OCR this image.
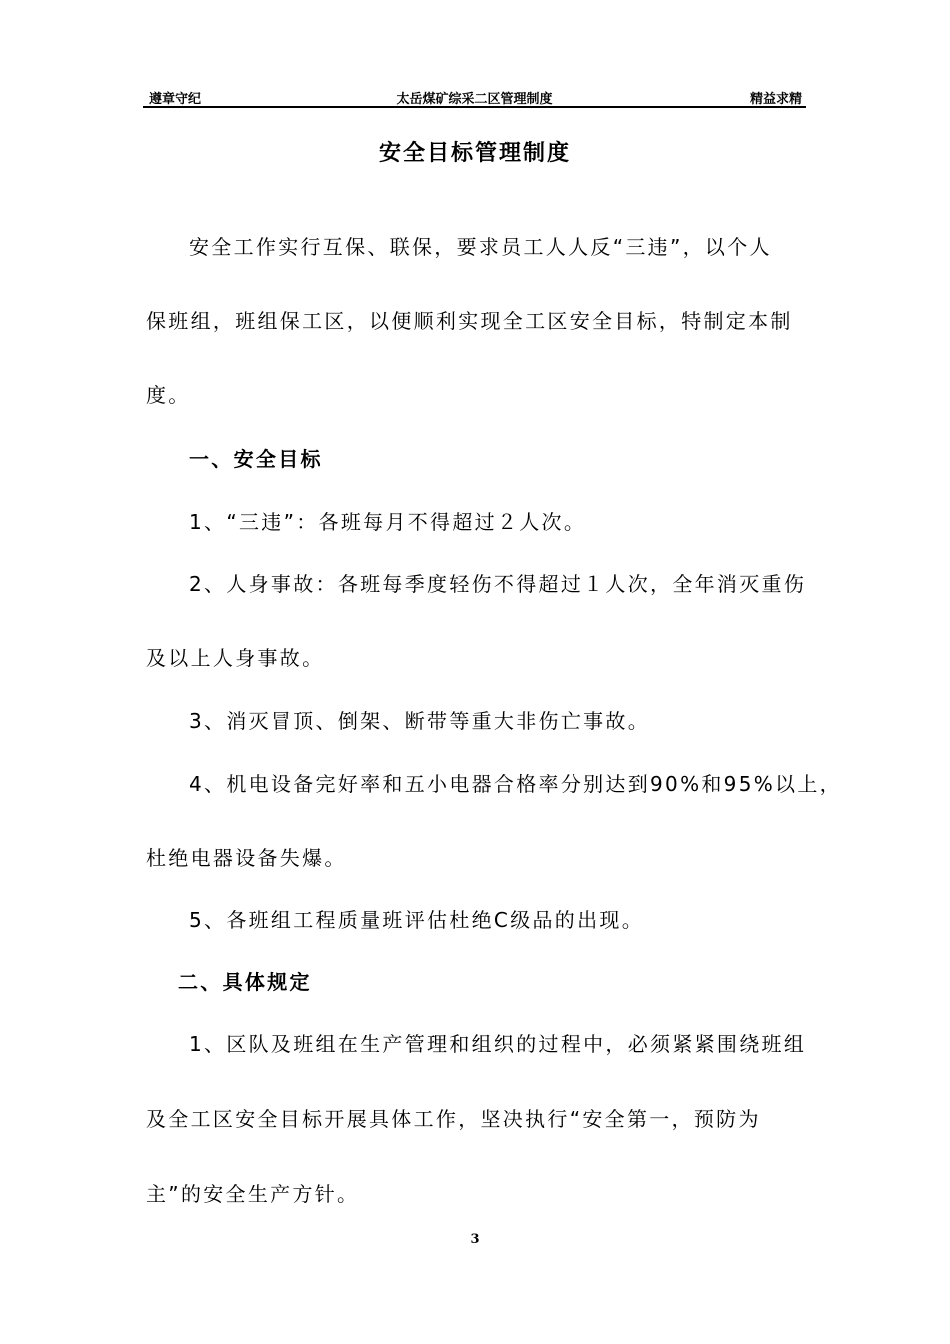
遵章守纪	太岳煤矿综采二区管理制度	精益求精
安全目标管理制度
安全工作实行互保、联保，要求员工人人反“三违”，以个人
保班组，班组保工区，以便顺利实现全工区安全目标，特制定本制
度。
一、安全目标
1、“三违”：各班每月不得超过２人次。
2、人身事故：各班每季度轻伤不得超过１人次，全年消灭重伤
及以上人身事故。
3、消灭冒顶、倒架、断带等重大非伤亡事故。
4、机电设备完好率和五小电器合格率分别达到90%和95%以上，
杜绝电器设备失爆。
5、各班组工程质量班评估杜绝C级品的出现。
二、具体规定
1、区队及班组在生产管理和组织的过程中，必须紧紧围绕班组
及全工区安全目标开展具体工作，坚决执行“安全第一，预防为
主”的安全生产方针。
3
